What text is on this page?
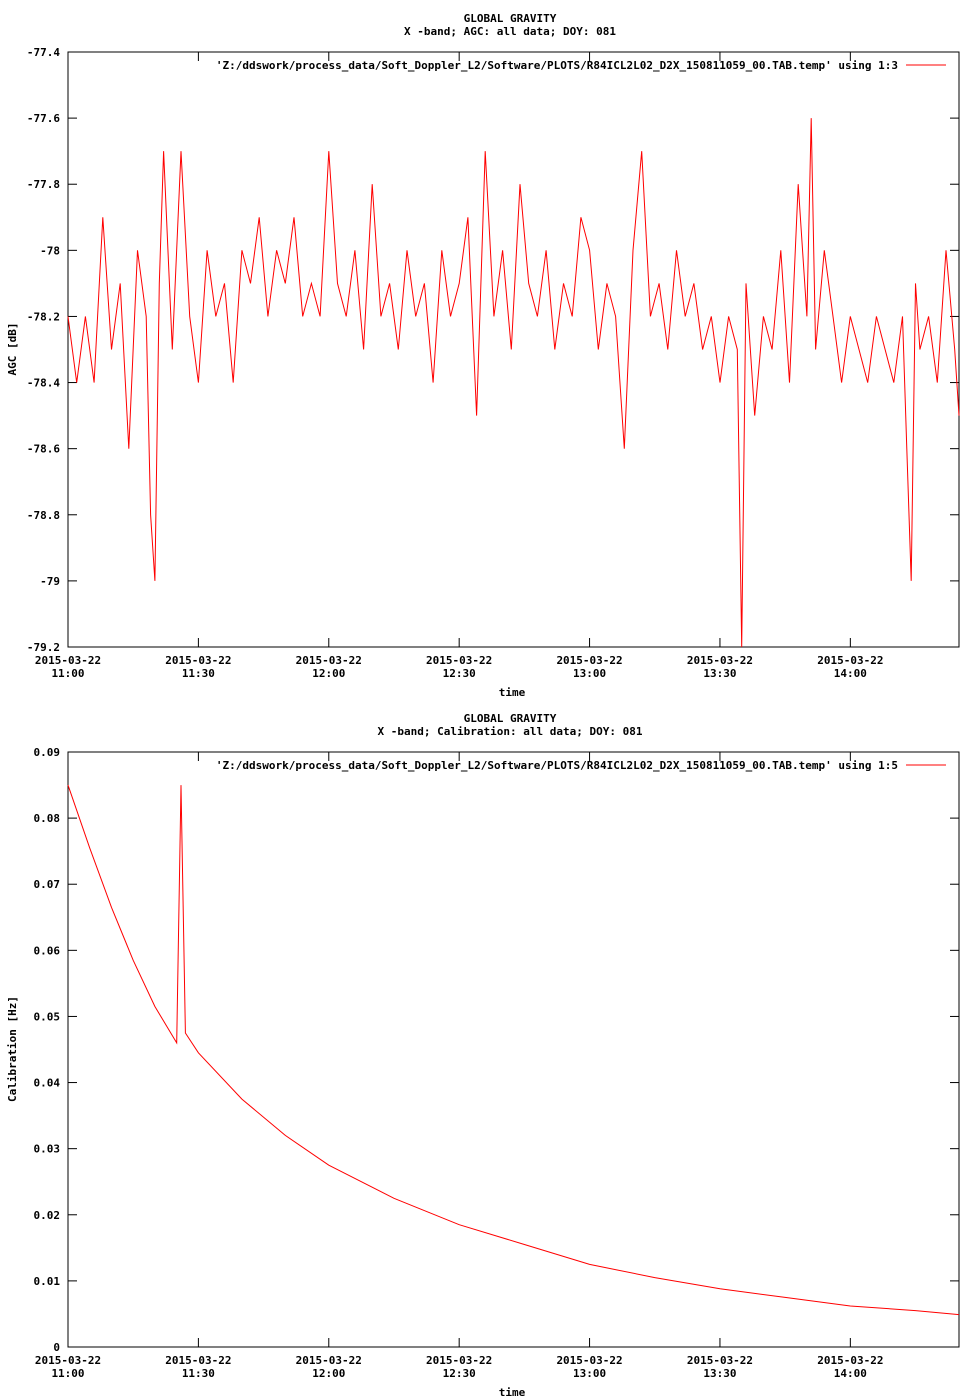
GLOBAL GRAVITY
X -band; AGC: all data; DOY: 081
-77.4
-77.6
-77.8
-78
-78.2
-78.4
-78.6
-78.8
-79
-79.2
2015-03-22
11:00
2015-03-22
11:30
2015-03-22
12:00
2015-03-22
12:30
2015-03-22
13:00
2015-03-22
13:30
2015-03-22
14:00
time
AGC [dB]
'Z:/ddswork/process_data/Soft_Doppler_L2/Software/PLOTS/R84ICL2L02_D2X_150811059_00.TAB.temp' using 1:3
GLOBAL GRAVITY
X -band; Calibration: all data; DOY: 081
0.09
0.08
0.07
0.06
0.05
0.04
0.03
0.02
0.01
0
2015-03-22
11:00
2015-03-22
11:30
2015-03-22
12:00
2015-03-22
12:30
2015-03-22
13:00
2015-03-22
13:30
2015-03-22
14:00
time
Calibration [Hz]
'Z:/ddswork/process_data/Soft_Doppler_L2/Software/PLOTS/R84ICL2L02_D2X_150811059_00.TAB.temp' using 1:5
